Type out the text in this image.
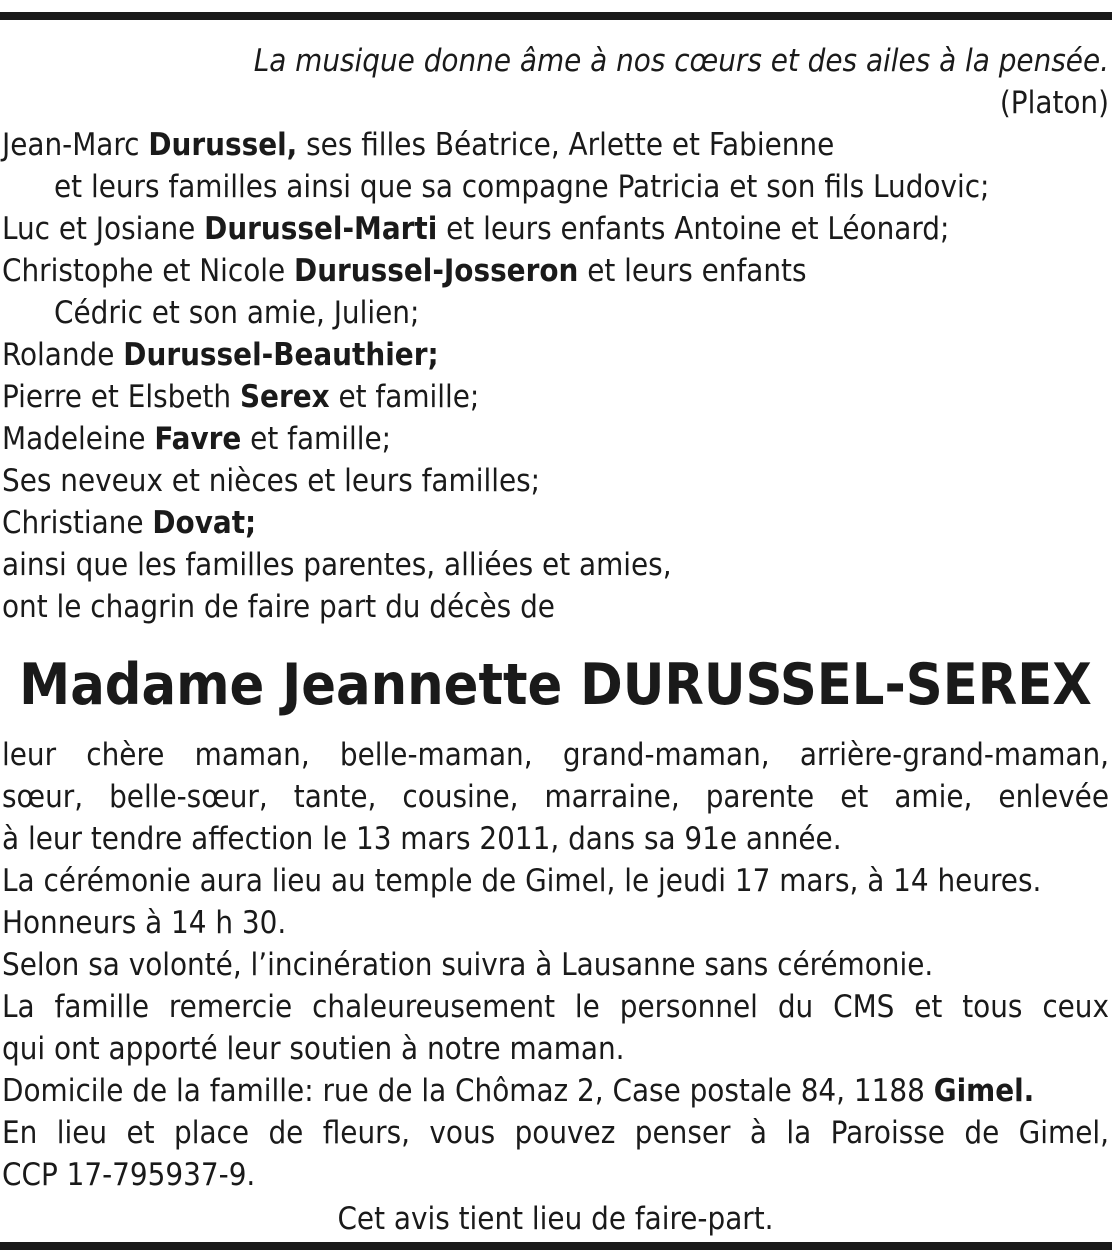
La musique donne âme à nos cœurs et des ailes à la pensée.
(Platon)

Jean-Marc Durussel, ses filles Béatrice, Arlette et Fabienne

et leurs familles ainsi que sa compagne Patricia et son fils Ludovic;

Luc et Josiane Durussel-Marti et leurs enfants Antoine et Léonard;

Christophe et Nicole Durussel-Josseron et leurs enfants

Cédric et son amie, Julien;

Rolande Durussel-Beauthier;

Pierre et Elsbeth Serex et famille;

Madeleine Favre et famille;

Ses neveux et nièces et leurs familles;

Christiane Dovat;

ainsi que les familles parentes, alliées et amies,

ont le chagrin de faire part du décès de

Madame Jeannette DURUSSEL-SEREX
leur chère maman, belle-maman, grand-maman, arrière-grand-maman,
sœur, belle-sœur, tante, cousine, marraine, parente et amie, enlevée
à leur tendre affection le 13 mars 2011, dans sa 91e année.
La cérémonie aura lieu au temple de Gimel, le jeudi 17 mars, à 14 heures.
Honneurs à 14 h 30.
Selon sa volonté, l’incinération suivra à Lausanne sans cérémonie.
La famille remercie chaleureusement le personnel du CMS et tous ceux
qui ont apporté leur soutien à notre maman.
Domicile de la famille: rue de la Chômaz 2, Case postale 84, 1188 Gimel.
En lieu et place de fleurs, vous pouvez penser à la Paroisse de Gimel,
CCP 17-795937-9.
Cet avis tient lieu de faire-part.
